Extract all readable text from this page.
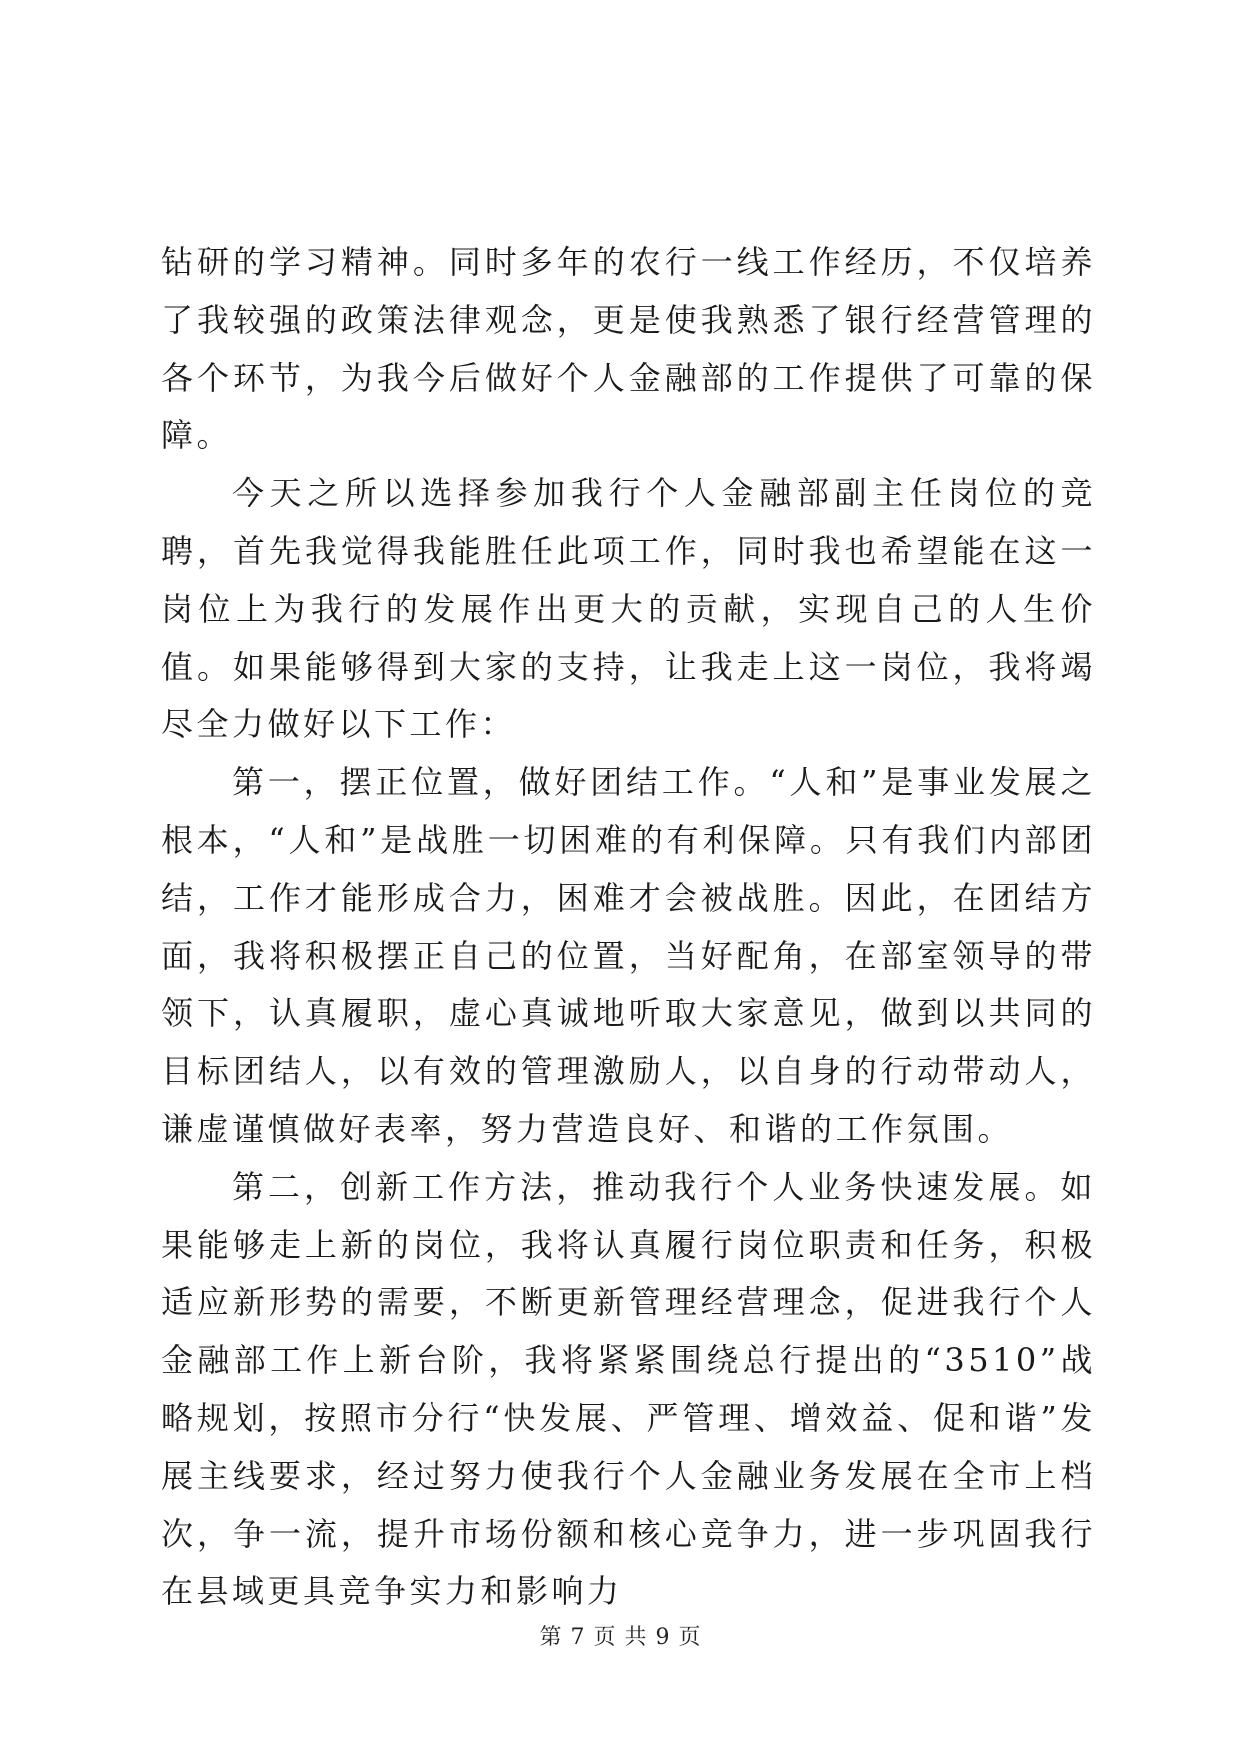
钻研的学习精神。同时多年的农行一线工作经历，不仅培养了我较强的政策法律观念，更是使我熟悉了银行经营管理的各个环节，为我今后做好个人金融部的工作提供了可靠的保障。

今天之所以选择参加我行个人金融部副主任岗位的竞聘，首先我觉得我能胜任此项工作，同时我也希望能在这一岗位上为我行的发展作出更大的贡献，实现自己的人生价值。如果能够得到大家的支持，让我走上这一岗位，我将竭尽全力做好以下工作：

第一，摆正位置，做好团结工作。“人和”是事业发展之根本，“人和”是战胜一切困难的有利保障。只有我们内部团结，工作才能形成合力，困难才会被战胜。因此，在团结方面，我将积极摆正自己的位置，当好配角，在部室领导的带领下，认真履职，虚心真诚地听取大家意见，做到以共同的目标团结人，以有效的管理激励人，以自身的行动带动人，谦虚谨慎做好表率，努力营造良好、和谐的工作氛围。

第二，创新工作方法，推动我行个人业务快速发展。如果能够走上新的岗位，我将认真履行岗位职责和任务，积极适应新形势的需要，不断更新管理经营理念，促进我行个人金融部工作上新台阶，我将紧紧围绕总行提出的“3510”战略规划，按照市分行“快发展、严管理、增效益、促和谐”发展主线要求，经过努力使我行个人金融业务发展在全市上档次，争一流，提升市场份额和核心竞争力，进一步巩固我行在县域更具竞争实力和影响力

第 7 页 共 9 页
